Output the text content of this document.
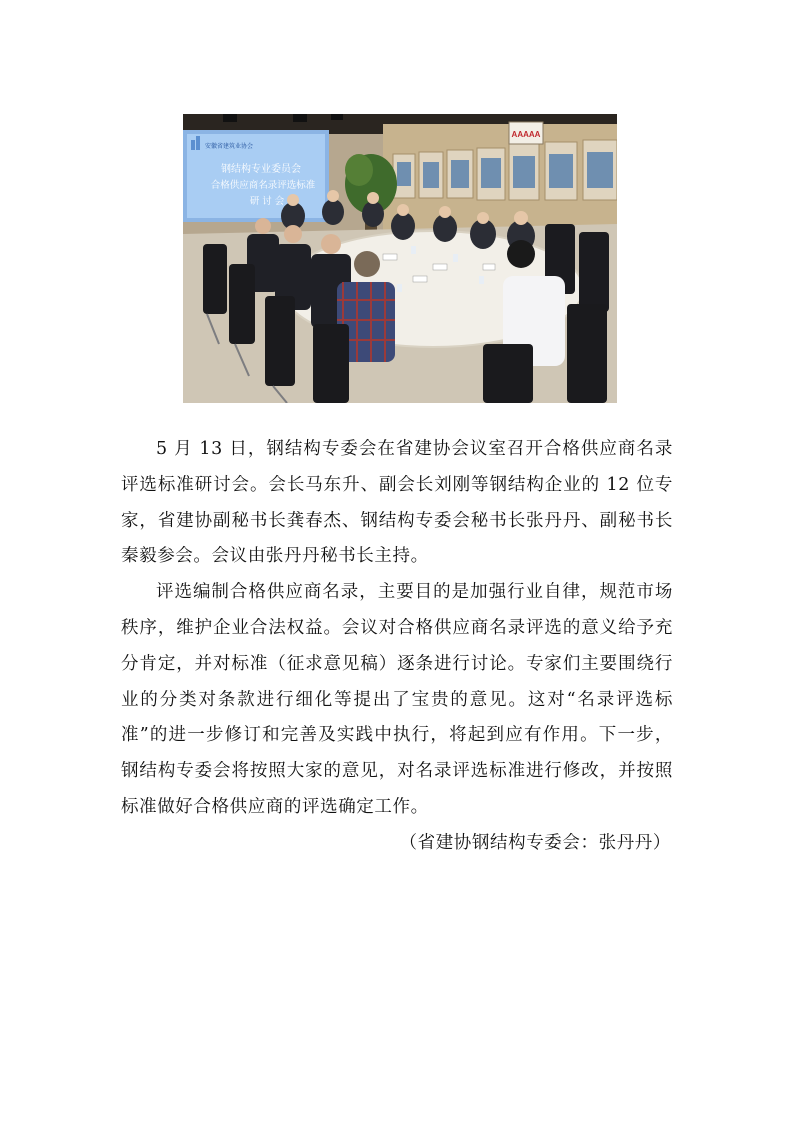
AAAAA
安徽省建筑业协会
钢结构专业委员会
合格供应商名录评选标准
研 讨 会

5 月 13 日，钢结构专委会在省建协会议室召开合格供应商名录评选标准研讨会。会长马东升、副会长刘刚等钢结构企业的 12 位专家，省建协副秘书长龚春杰、钢结构专委会秘书长张丹丹、副秘书长秦毅参会。会议由张丹丹秘书长主持。

评选编制合格供应商名录，主要目的是加强行业自律，规范市场秩序，维护企业合法权益。会议对合格供应商名录评选的意义给予充分肯定，并对标准（征求意见稿）逐条进行讨论。专家们主要围绕行业的分类对条款进行细化等提出了宝贵的意见。这对“名录评选标准”的进一步修订和完善及实践中执行，将起到应有作用。下一步，钢结构专委会将按照大家的意见，对名录评选标准进行修改，并按照标准做好合格供应商的评选确定工作。

（省建协钢结构专委会：张丹丹）
